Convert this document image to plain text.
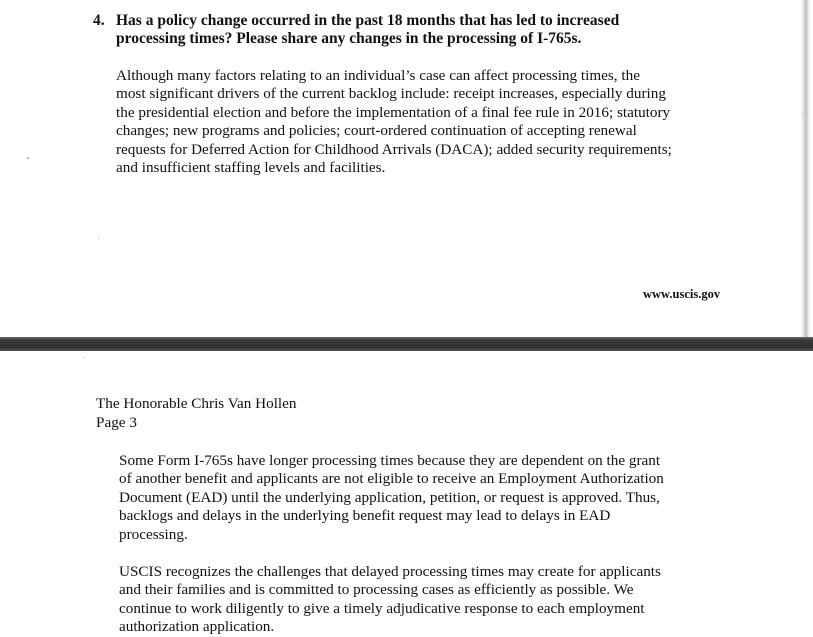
4. Has a policy change occurred in the past 18 months that has led to increased
processing times? Please share any changes in the processing of I-765s.
Although many factors relating to an individual’s case can affect processing times, the
most significant drivers of the current backlog include: receipt increases, especially during
the presidential election and before the implementation of a final fee rule in 2016; statutory
changes; new programs and policies; court-ordered continuation of accepting renewal
requests for Deferred Action for Childhood Arrivals (DACA); added security requirements;
and insufficient staffing levels and facilities.
www.uscis.gov
The Honorable Chris Van Hollen
Page 3
Some Form I-765s have longer processing times because they are dependent on the grant
of another benefit and applicants are not eligible to receive an Employment Authorization
Document (EAD) until the underlying application, petition, or request is approved. Thus,
backlogs and delays in the underlying benefit request may lead to delays in EAD
processing.
USCIS recognizes the challenges that delayed processing times may create for applicants
and their families and is committed to processing cases as efficiently as possible. We
continue to work diligently to give a timely adjudicative response to each employment
authorization application.
